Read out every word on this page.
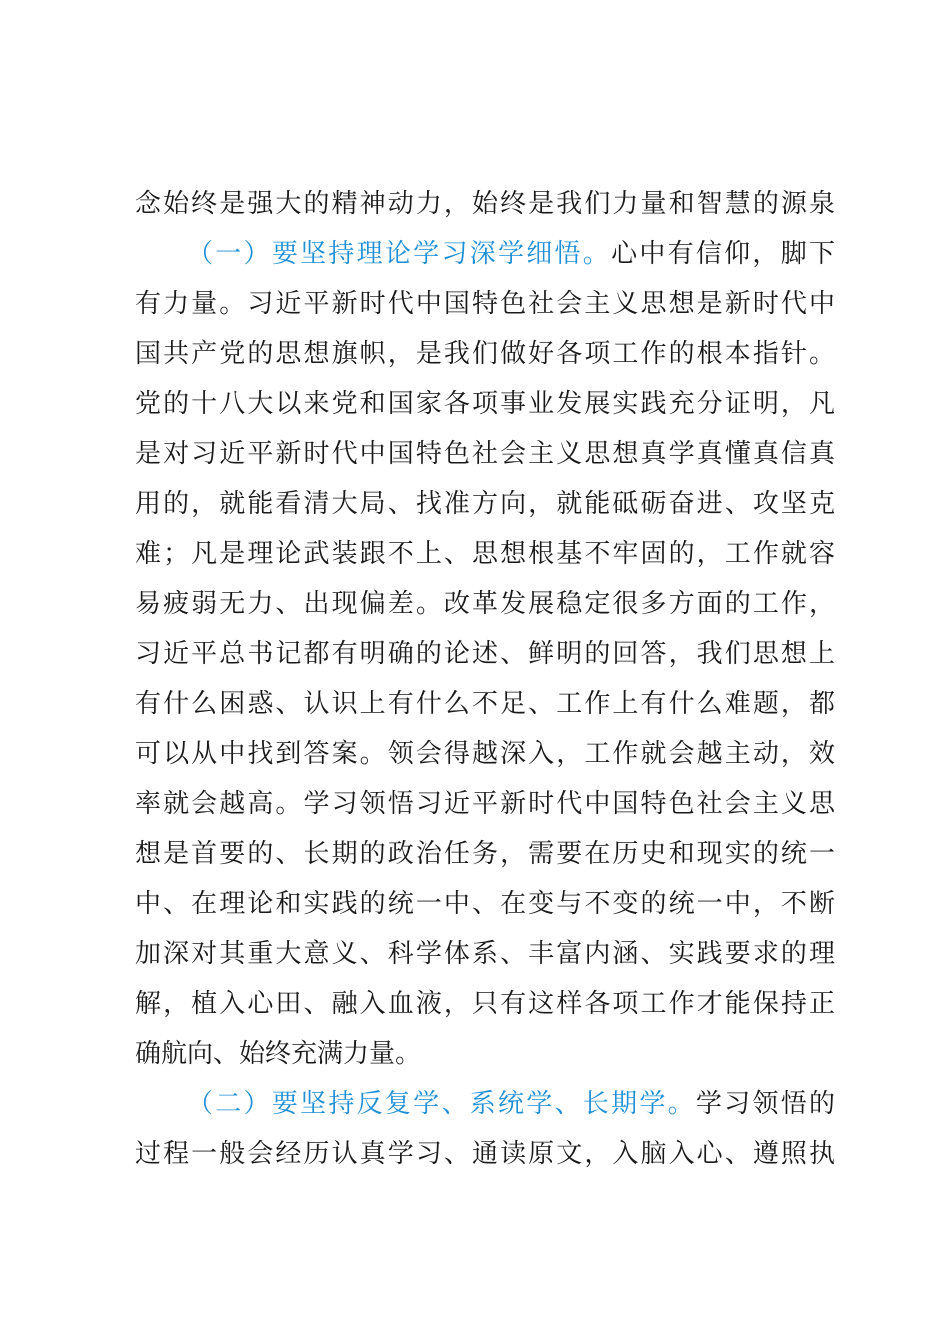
念始终是强大的精神动力，始终是我们力量和智慧的源泉
（一）要坚持理论学习深学细悟。心中有信仰，脚下
有力量。习近平新时代中国特色社会主义思想是新时代中
国共产党的思想旗帜，是我们做好各项工作的根本指针。
党的十八大以来党和国家各项事业发展实践充分证明，凡
是对习近平新时代中国特色社会主义思想真学真懂真信真
用的，就能看清大局、找准方向，就能砥砺奋进、攻坚克
难；凡是理论武装跟不上、思想根基不牢固的，工作就容
易疲弱无力、出现偏差。改革发展稳定很多方面的工作，
习近平总书记都有明确的论述、鲜明的回答，我们思想上
有什么困惑、认识上有什么不足、工作上有什么难题，都
可以从中找到答案。领会得越深入，工作就会越主动，效
率就会越高。学习领悟习近平新时代中国特色社会主义思
想是首要的、长期的政治任务，需要在历史和现实的统一
中、在理论和实践的统一中、在变与不变的统一中，不断
加深对其重大意义、科学体系、丰富内涵、实践要求的理
解，植入心田、融入血液，只有这样各项工作才能保持正
确航向、始终充满力量。
（二）要坚持反复学、系统学、长期学。学习领悟的
过程一般会经历认真学习、通读原文，入脑入心、遵照执
